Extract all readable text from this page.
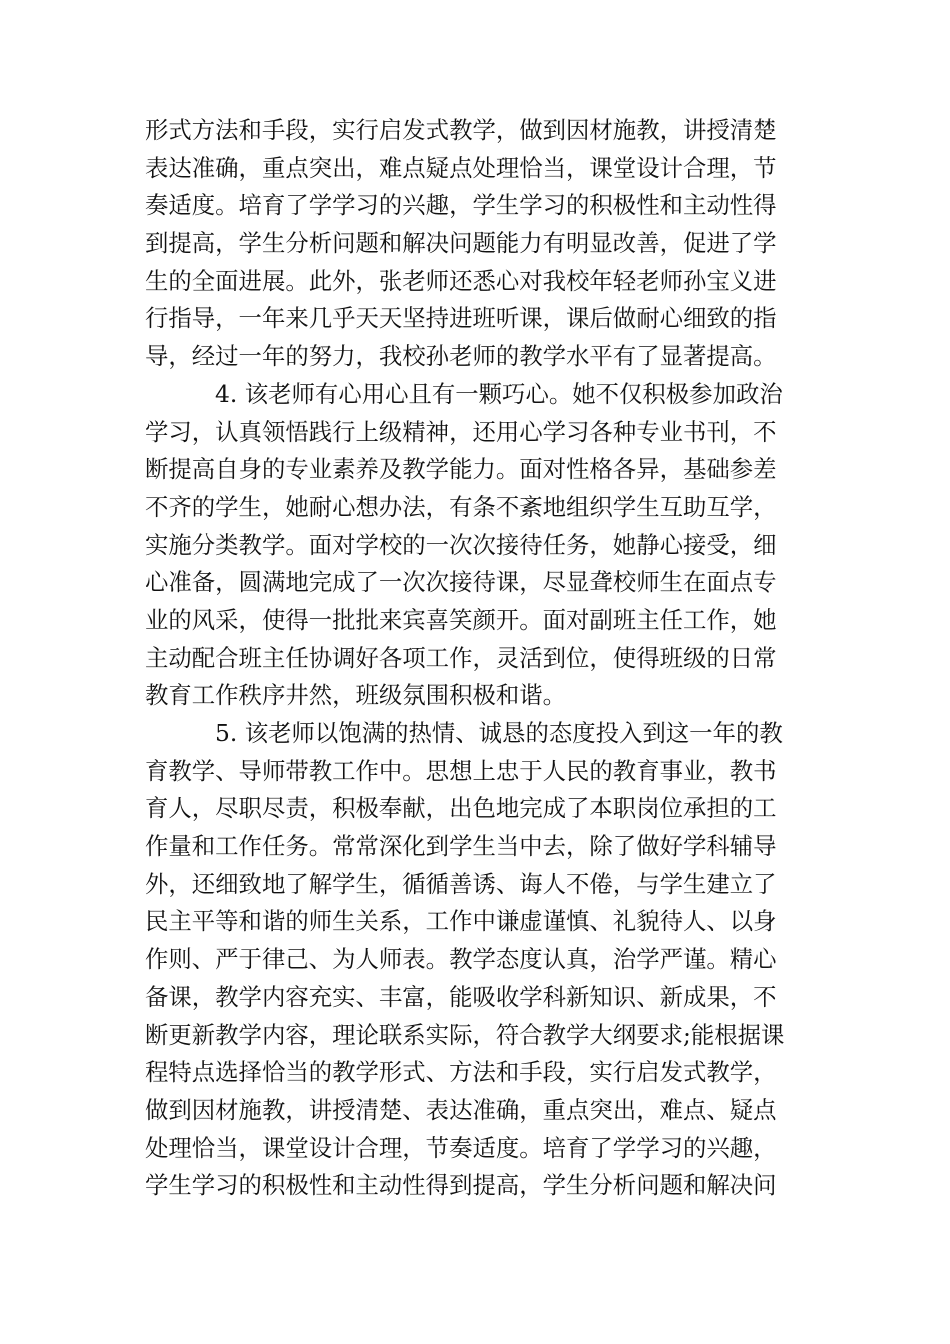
形式方法和手段，实行启发式教学，做到因材施教，讲授清楚
表达准确，重点突出，难点疑点处理恰当，课堂设计合理，节
奏适度。培育了学学习的兴趣，学生学习的积极性和主动性得
到提高，学生分析问题和解决问题能力有明显改善，促进了学
生的全面进展。此外，张老师还悉心对我校年轻老师孙宝义进
行指导，一年来几乎天天坚持进班听课，课后做耐心细致的指
导，经过一年的努力，我校孙老师的教学水平有了显著提高。
4. 该老师有心用心且有一颗巧心。她不仅积极参加政治
学习，认真领悟践行上级精神，还用心学习各种专业书刊，不
断提高自身的专业素养及教学能力。面对性格各异，基础参差
不齐的学生，她耐心想办法，有条不紊地组织学生互助互学，
实施分类教学。面对学校的一次次接待任务，她静心接受，细
心准备，圆满地完成了一次次接待课，尽显聋校师生在面点专
业的风采，使得一批批来宾喜笑颜开。面对副班主任工作，她
主动配合班主任协调好各项工作，灵活到位，使得班级的日常
教育工作秩序井然，班级氛围积极和谐。
5. 该老师以饱满的热情、诚恳的态度投入到这一年的教
育教学、导师带教工作中。思想上忠于人民的教育事业，教书
育人，尽职尽责，积极奉献，出色地完成了本职岗位承担的工
作量和工作任务。常常深化到学生当中去，除了做好学科辅导
外，还细致地了解学生，循循善诱、诲人不倦，与学生建立了
民主平等和谐的师生关系，工作中谦虚谨慎、礼貌待人、以身
作则、严于律己、为人师表。教学态度认真，治学严谨。精心
备课，教学内容充实、丰富，能吸收学科新知识、新成果，不
断更新教学内容，理论联系实际，符合教学大纲要求;能根据课
程特点选择恰当的教学形式、方法和手段，实行启发式教学，
做到因材施教，讲授清楚、表达准确，重点突出，难点、疑点
处理恰当，课堂设计合理，节奏适度。培育了学学习的兴趣，
学生学习的积极性和主动性得到提高，学生分析问题和解决问
